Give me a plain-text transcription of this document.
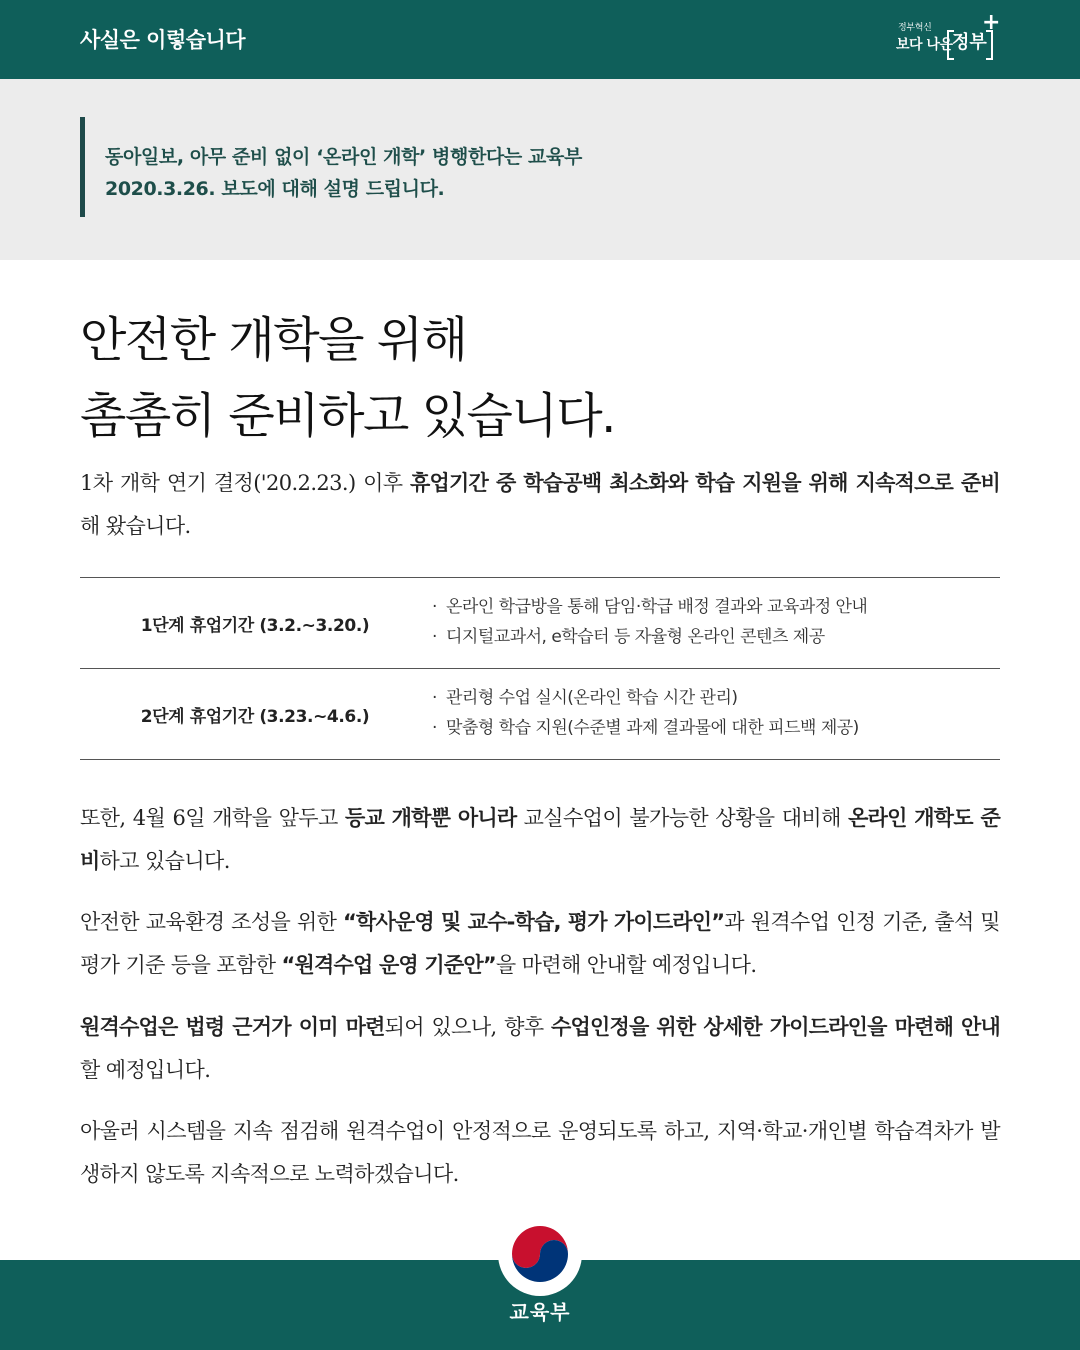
사실은 이렇습니다	정부혁신
보다 나은 정부
+
동아일보, 아무 준비 없이 ‘온라인 개학’ 병행한다는 교육부
2020.3.26. 보도에 대해 설명 드립니다.
안전한 개학을 위해
촘촘히 준비하고 있습니다.
1차 개학 연기 결정('20.2.23.) 이후 휴업기간 중 학습공백 최소화와 학습 지원을 위해 지속적으로 준비해 왔습니다.
1단계 휴업기간 (3.2.~3.20.)
· 온라인 학급방을 통해 담임·학급 배정 결과와 교육과정 안내
· 디지털교과서, e학습터 등 자율형 온라인 콘텐츠 제공
2단계 휴업기간 (3.23.~4.6.)
· 관리형 수업 실시(온라인 학습 시간 관리)
· 맞춤형 학습 지원(수준별 과제 결과물에 대한 피드백 제공)
또한, 4월 6일 개학을 앞두고 등교 개학뿐 아니라 교실수업이 불가능한 상황을 대비해 온라인 개학도 준비하고 있습니다.
안전한 교육환경 조성을 위한 “학사운영 및 교수-학습, 평가 가이드라인”과 원격수업 인정 기준, 출석 및 평가 기준 등을 포함한 “원격수업 운영 기준안”을 마련해 안내할 예정입니다.
원격수업은 법령 근거가 이미 마련되어 있으나, 향후 수업인정을 위한 상세한 가이드라인을 마련해 안내할 예정입니다.
아울러 시스템을 지속 점검해 원격수업이 안정적으로 운영되도록 하고, 지역·학교·개인별 학습격차가 발생하지 않도록 지속적으로 노력하겠습니다.
교육부
